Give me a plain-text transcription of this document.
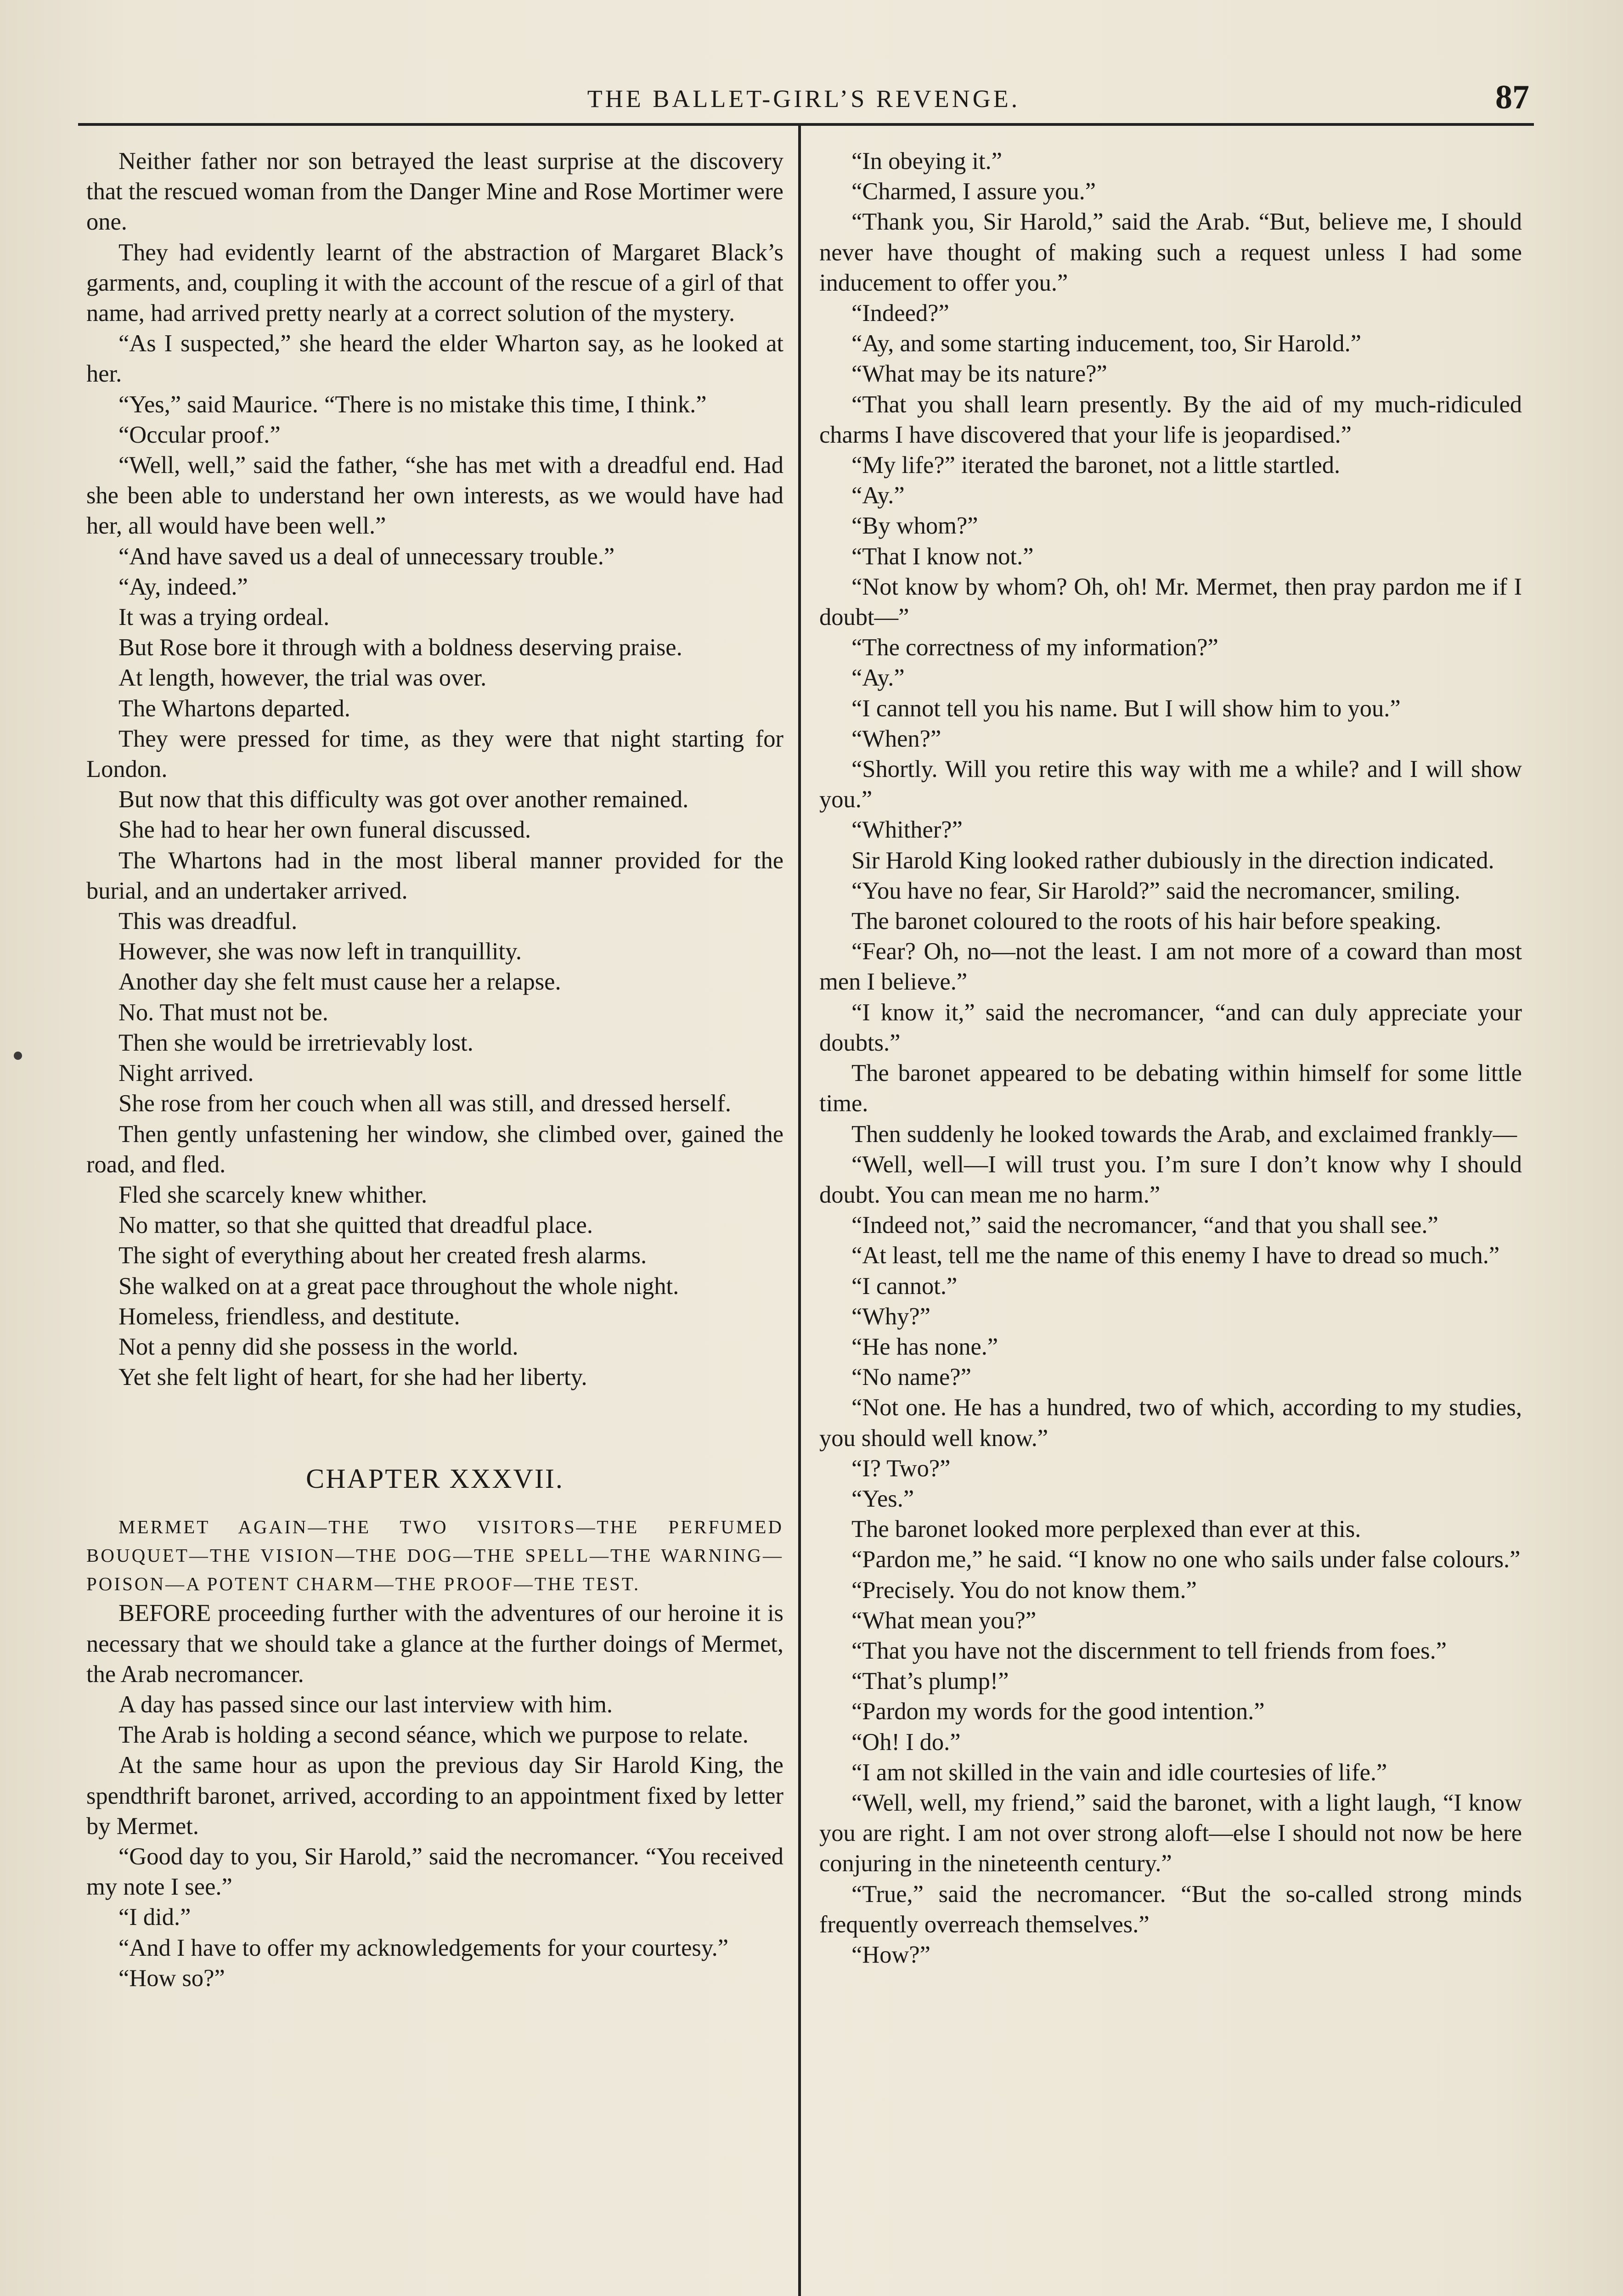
THE BALLET-GIRL’S REVENGE.	87

Neither father nor son betrayed the least surprise at the discovery that the rescued woman from the Danger Mine and Rose Mortimer were one.

They had evidently learnt of the abstraction of Margaret Black’s garments, and, coupling it with the account of the rescue of a girl of that name, had arrived pretty nearly at a correct solution of the mystery.

“As I suspected,” she heard the elder Wharton say, as he looked at her.

“Yes,” said Maurice. “There is no mistake this time, I think.”

“Occular proof.”

“Well, well,” said the father, “she has met with a dreadful end. Had she been able to understand her own interests, as we would have had her, all would have been well.”

“And have saved us a deal of unnecessary trouble.”

“Ay, indeed.”

It was a trying ordeal.

But Rose bore it through with a boldness deserving praise.

At length, however, the trial was over.

The Whartons departed.

They were pressed for time, as they were that night starting for London.

But now that this difficulty was got over another remained.

She had to hear her own funeral discussed.

The Whartons had in the most liberal manner provided for the burial, and an undertaker arrived.

This was dreadful.

However, she was now left in tranquillity.

Another day she felt must cause her a relapse.

No. That must not be.

Then she would be irretrievably lost.

Night arrived.

She rose from her couch when all was still, and dressed herself.

Then gently unfastening her window, she climbed over, gained the road, and fled.

Fled she scarcely knew whither.

No matter, so that she quitted that dreadful place.

The sight of everything about her created fresh alarms.

She walked on at a great pace throughout the whole night.

Homeless, friendless, and destitute.

Not a penny did she possess in the world.

Yet she felt light of heart, for she had her liberty.

CHAPTER XXXVII.

MERMET AGAIN—THE TWO VISITORS—THE PERFUMED BOUQUET—THE VISION—THE DOG—THE SPELL—THE WARNING—POISON—A POTENT CHARM—THE PROOF—THE TEST.

BEFORE proceeding further with the adventures of our heroine it is necessary that we should take a glance at the further doings of Mermet, the Arab necromancer.

A day has passed since our last interview with him.

The Arab is holding a second séance, which we purpose to relate.

At the same hour as upon the previous day Sir Harold King, the spendthrift baronet, arrived, according to an appointment fixed by letter by Mermet.

“Good day to you, Sir Harold,” said the necromancer. “You received my note I see.”

“I did.”

“And I have to offer my acknowledgements for your courtesy.”

“How so?”

“In obeying it.”

“Charmed, I assure you.”

“Thank you, Sir Harold,” said the Arab. “But, believe me, I should never have thought of making such a request unless I had some inducement to offer you.”

“Indeed?”

“Ay, and some starting inducement, too, Sir Harold.”

“What may be its nature?”

“That you shall learn presently. By the aid of my much-ridiculed charms I have discovered that your life is jeopardised.”

“My life?” iterated the baronet, not a little startled.

“Ay.”

“By whom?”

“That I know not.”

“Not know by whom? Oh, oh! Mr. Mermet, then pray pardon me if I doubt—”

“The correctness of my information?”

“Ay.”

“I cannot tell you his name. But I will show him to you.”

“When?”

“Shortly. Will you retire this way with me a while? and I will show you.”

“Whither?”

Sir Harold King looked rather dubiously in the direction indicated.

“You have no fear, Sir Harold?” said the necromancer, smiling.

The baronet coloured to the roots of his hair before speaking.

“Fear? Oh, no—not the least. I am not more of a coward than most men I believe.”

“I know it,” said the necromancer, “and can duly appreciate your doubts.”

The baronet appeared to be debating within himself for some little time.

Then suddenly he looked towards the Arab, and exclaimed frankly—

“Well, well—I will trust you. I’m sure I don’t know why I should doubt. You can mean me no harm.”

“Indeed not,” said the necromancer, “and that you shall see.”

“At least, tell me the name of this enemy I have to dread so much.”

“I cannot.”

“Why?”

“He has none.”

“No name?”

“Not one. He has a hundred, two of which, according to my studies, you should well know.”

“I? Two?”

“Yes.”

The baronet looked more perplexed than ever at this.

“Pardon me,” he said. “I know no one who sails under false colours.”

“Precisely. You do not know them.”

“What mean you?”

“That you have not the discernment to tell friends from foes.”

“That’s plump!”

“Pardon my words for the good intention.”

“Oh! I do.”

“I am not skilled in the vain and idle courtesies of life.”

“Well, well, my friend,” said the baronet, with a light laugh, “I know you are right. I am not over strong aloft—else I should not now be here conjuring in the nineteenth century.”

“True,” said the necromancer. “But the so-called strong minds frequently overreach themselves.”

“How?”
